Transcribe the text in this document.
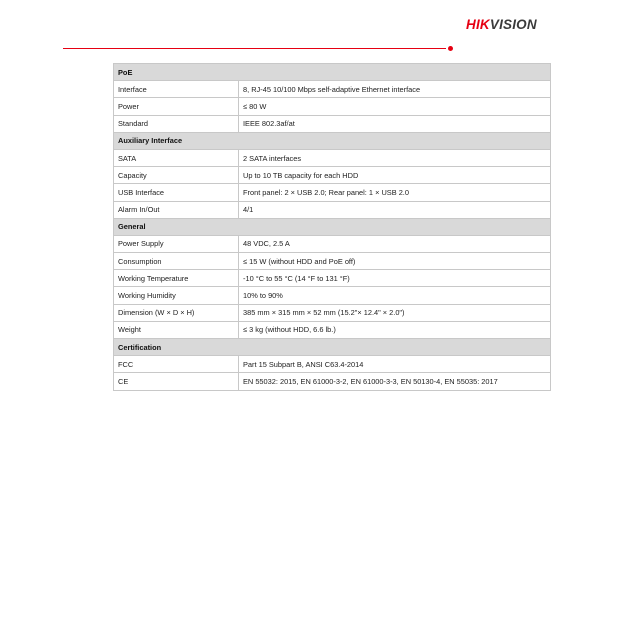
HIKVISION
PoE	
Interface	8, RJ-45 10/100 Mbps self-adaptive Ethernet interface
Power	≤ 80 W
Standard	IEEE 802.3af/at
Auxiliary Interface	
SATA	2 SATA interfaces
Capacity	Up to 10 TB capacity for each HDD
USB Interface	Front panel: 2 × USB 2.0; Rear panel: 1 × USB 2.0
Alarm In/Out	4/1
General	
Power Supply	48 VDC, 2.5 A
Consumption	≤ 15 W (without HDD and PoE off)
Working Temperature	-10 °C to 55 °C (14 °F to 131 °F)
Working Humidity	10% to 90%
Dimension (W × D × H)	385 mm × 315 mm × 52 mm (15.2"× 12.4" × 2.0")
Weight	≤ 3 kg (without HDD, 6.6 lb.)
Certification	
FCC	Part 15 Subpart B, ANSI C63.4-2014
CE	EN 55032: 2015, EN 61000-3-2, EN 61000-3-3, EN 50130-4, EN 55035: 2017
